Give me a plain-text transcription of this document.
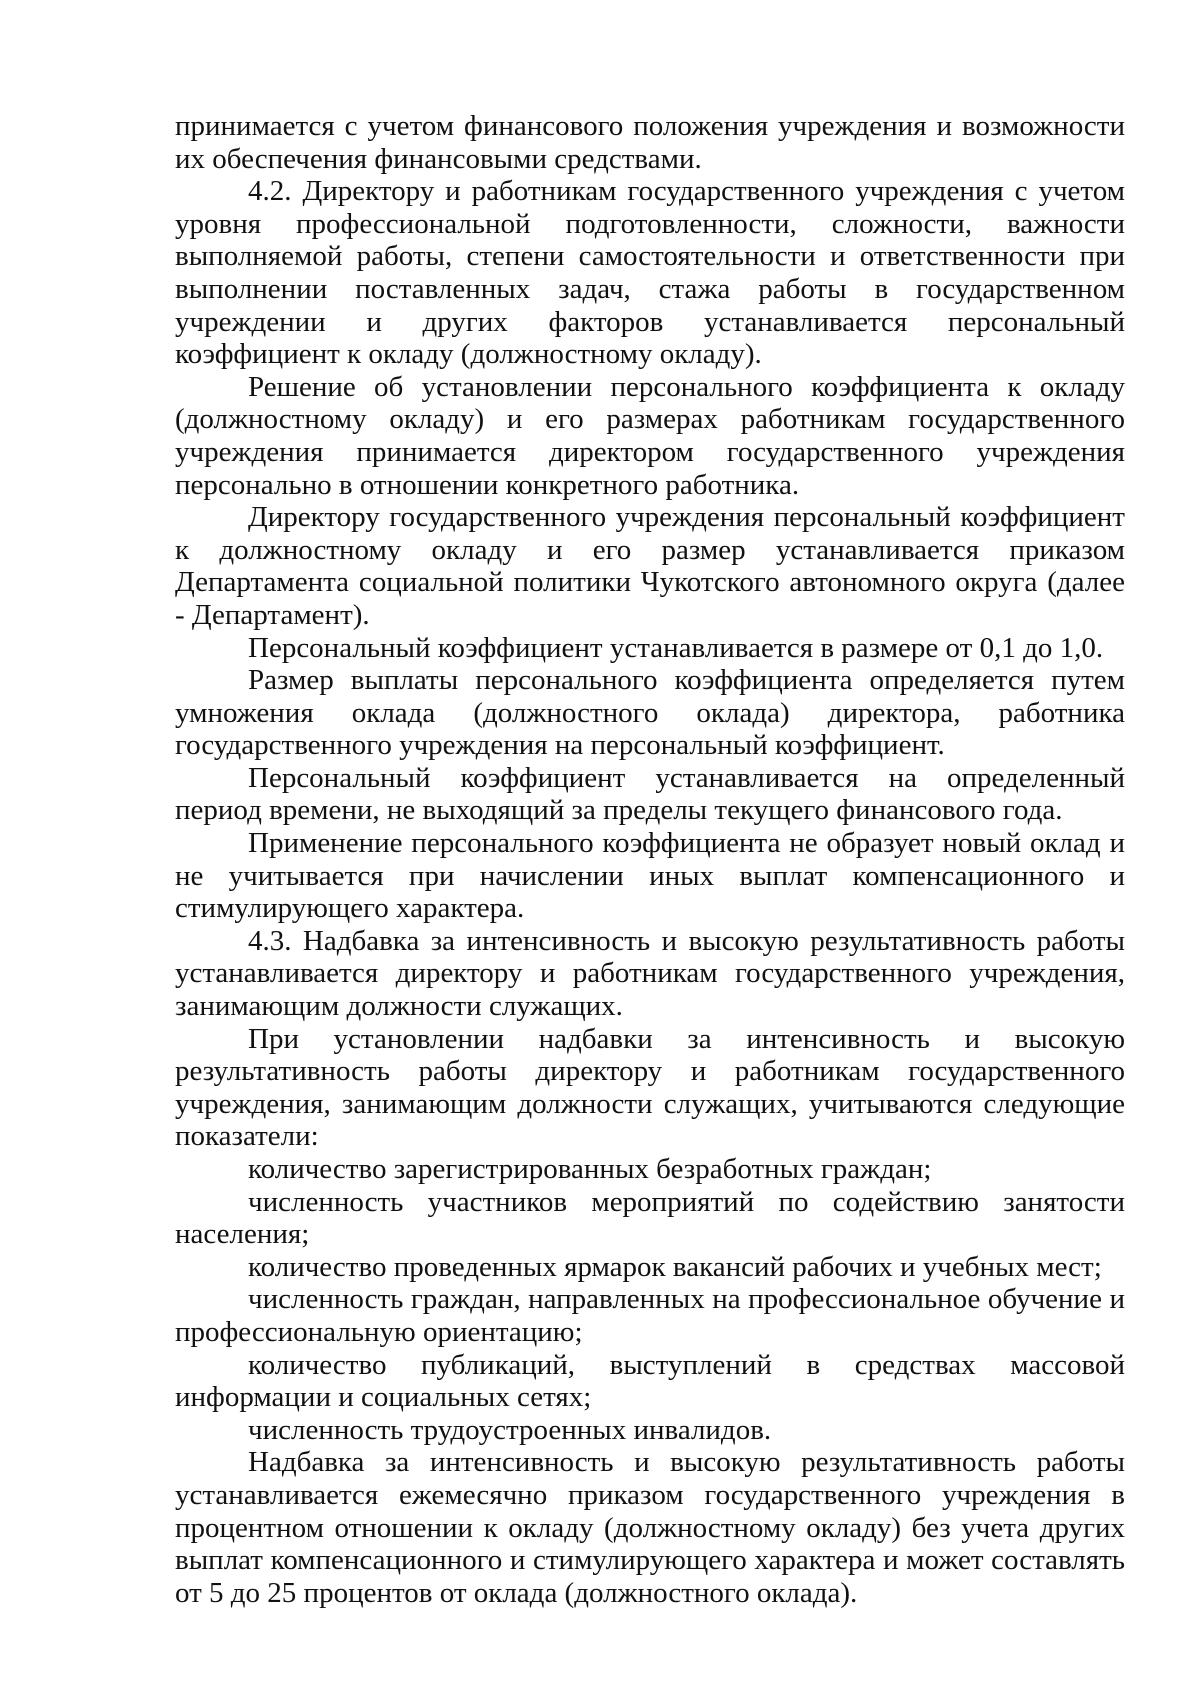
принимается с учетом финансового положения учреждения и возможности их обеспечения финансовыми средствами.

4.2. Директору и работникам государственного учреждения с учетом уровня профессиональной подготовленности, сложности, важности выполняемой работы, степени самостоятельности и ответственности при выполнении поставленных задач, стажа работы в государственном учреждении и других факторов устанавливается персональный коэффициент к окладу (должностному окладу).

Решение об установлении персонального коэффициента к окладу (должностному окладу) и его размерах работникам государственного учреждения принимается директором государственного учреждения персонально в отношении конкретного работника.

Директору государственного учреждения персональный коэффициент к должностному окладу и его размер устанавливается приказом Департамента социальной политики Чукотского автономного округа (далее - Департамент).

Персональный коэффициент устанавливается в размере от 0,1 до 1,0.

Размер выплаты персонального коэффициента определяется путем умножения оклада (должностного оклада) директора, работника государственного учреждения на персональный коэффициент.

Персональный коэффициент устанавливается на определенный период времени, не выходящий за пределы текущего финансового года.

Применение персонального коэффициента не образует новый оклад и не учитывается при начислении иных выплат компенсационного и стимулирующего характера.

4.3. Надбавка за интенсивность и высокую результативность работы устанавливается директору и работникам государственного учреждения, занимающим должности служащих.

При установлении надбавки за интенсивность и высокую результативность работы директору и работникам государственного учреждения, занимающим должности служащих, учитываются следующие показатели:

количество зарегистрированных безработных граждан;

численность участников мероприятий по содействию занятости населения;

количество проведенных ярмарок вакансий рабочих и учебных мест;

численность граждан, направленных на профессиональное обучение и профессиональную ориентацию;

количество публикаций, выступлений в средствах массовой информации и социальных сетях;

численность трудоустроенных инвалидов.

Надбавка за интенсивность и высокую результативность работы устанавливается ежемесячно приказом государственного учреждения в процентном отношении к окладу (должностному окладу) без учета других выплат компенсационного и стимулирующего характера и может составлять от 5 до 25 процентов от оклада (должностного оклада).
